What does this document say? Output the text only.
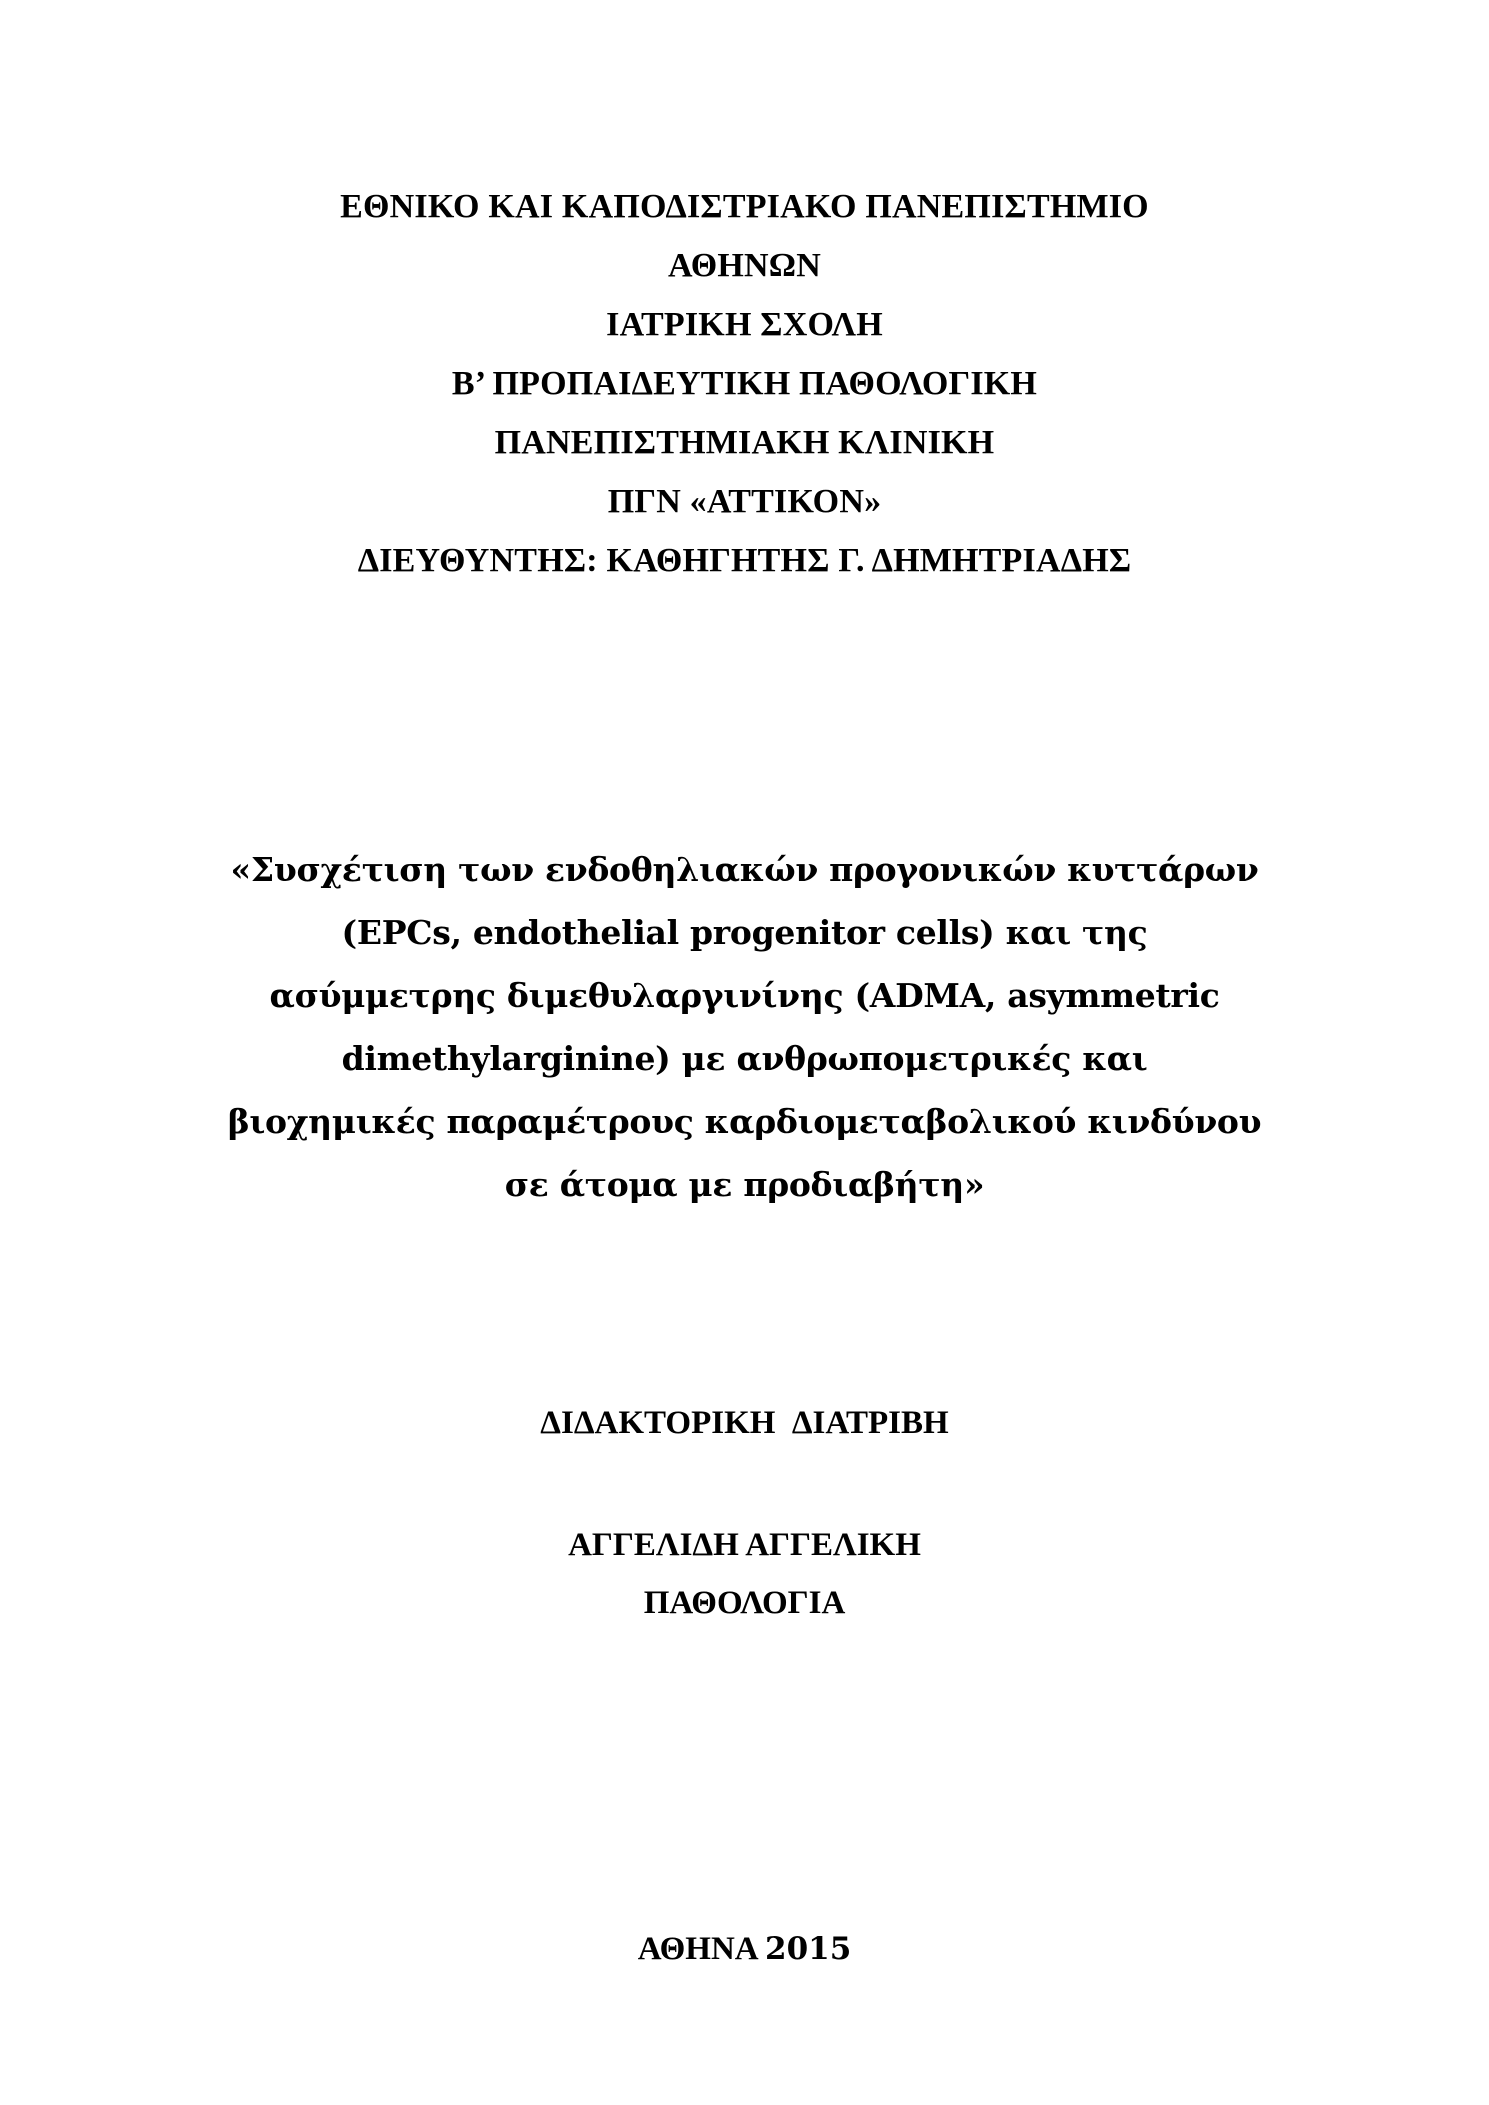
ΕΘΝΙΚΟ ΚΑΙ ΚΑΠΟΔΙΣΤΡΙΑΚΟ ΠΑΝΕΠΙΣΤΗΜΙΟ
ΑΘΗΝΩΝ
ΙΑΤΡΙΚΗ ΣΧΟΛΗ
Β’ ΠΡΟΠΑΙΔΕΥΤΙΚΗ ΠΑΘΟΛΟΓΙΚΗ
ΠΑΝΕΠΙΣΤΗΜΙΑΚΗ ΚΛΙΝΙΚΗ
ΠΓΝ «ΑΤΤΙΚΟΝ»
ΔΙΕΥΘΥΝΤΗΣ: ΚΑΘΗΓΗΤΗΣ Γ. ΔΗΜΗΤΡΙΑΔΗΣ
«Συσχέτιση των ενδοθηλιακών προγονικών κυττάρων
(EPCs, endothelial progenitor cells) και της
ασύμμετρης διμεθυλαργινίνης (ADMA, asymmetric
dimethylarginine) με ανθρωπομετρικές και
βιοχημικές παραμέτρους καρδιομεταβολικού κινδύνου
σε άτομα με προδιαβήτη»
ΔΙΔΑΚΤΟΡΙΚΗ ΔΙΑΤΡΙΒΗ
ΑΓΓΕΛΙΔΗ ΑΓΓΕΛΙΚΗ
ΠΑΘΟΛΟΓΙΑ
ΑΘΗΝΑ 2015
